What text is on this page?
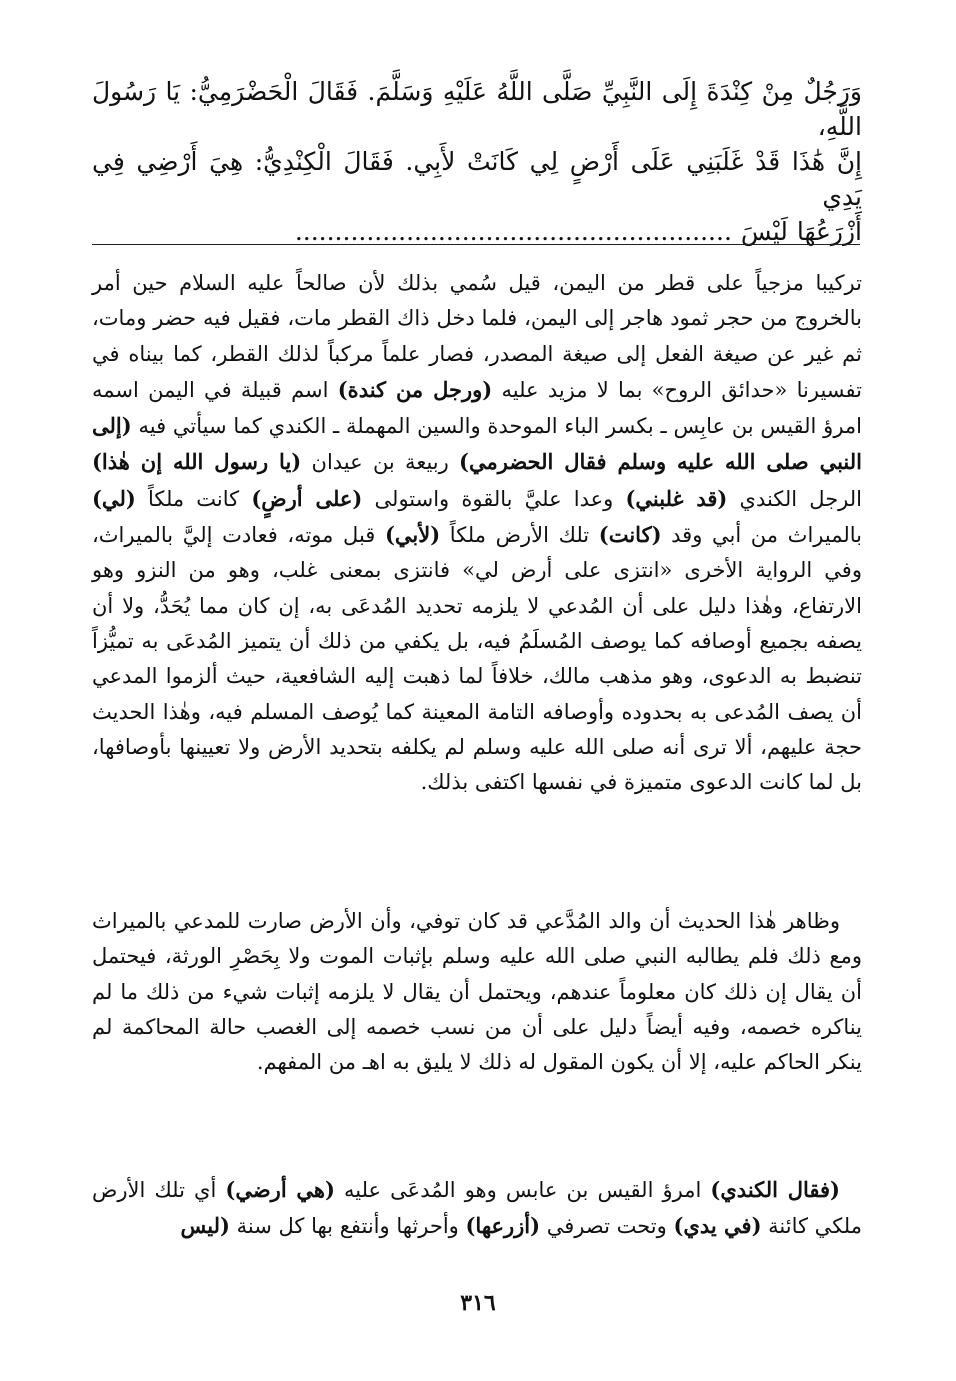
وَرَجُلٌ مِنْ كِنْدَةَ إِلَى النَّبِيِّ صَلَّى اللَّهُ عَلَيْهِ وَسَلَّمَ. فَقَالَ الْحَضْرَمِيُّ: يَا رَسُولَ اللَّهِ،
إِنَّ هَٰذَا قَدْ غَلَبَنِي عَلَى أَرْضٍ لِي كَانَتْ لأَبِي. فَقَالَ الْكِنْدِيُّ: هِيَ أَرْضِي فِي يَدِي
أَزْرَعُهَا لَيْسَ .......................................................

تركيبا مزجياً على قطر من اليمن، قيل سُمي بذلك لأن صالحاً عليه السلام حين أمر بالخروج من حجر ثمود هاجر إلى اليمن، فلما دخل ذاك القطر مات، فقيل فيه حضر ومات، ثم غير عن صيغة الفعل إلى صيغة المصدر، فصار علماً مركباً لذلك القطر، كما بيناه في تفسيرنا «حدائق الروح» بما لا مزيد عليه (ورجل من كندة) اسم قبيلة في اليمن اسمه امرؤ القيس بن عابِس ـ بكسر الباء الموحدة والسين المهملة ـ الكندي كما سيأتي فيه (إلى النبي صلى الله عليه وسلم فقال الحضرمي) ربيعة بن عيدان (يا رسول الله إن هٰذا) الرجل الكندي (قد غلبني) وعدا عليَّ بالقوة واستولى (على أرضٍ) كانت ملكاً (لي) بالميراث من أبي وقد (كانت) تلك الأرض ملكاً (لأبي) قبل موته، فعادت إليَّ بالميراث، وفي الرواية الأخرى «انتزى على أرض لي» فانتزى بمعنى غلب، وهو من النزو وهو الارتفاع، وهٰذا دليل على أن المُدعي لا يلزمه تحديد المُدعَى به، إن كان مما يُحَدُّ، ولا أن يصفه بجميع أوصافه كما يوصف المُسلَمُ فيه، بل يكفي من ذلك أن يتميز المُدعَى به تميُّزاً تنضبط به الدعوى، وهو مذهب مالك، خلافاً لما ذهبت إليه الشافعية، حيث ألزموا المدعي أن يصف المُدعى به بحدوده وأوصافه التامة المعينة كما يُوصف المسلم فيه، وهٰذا الحديث حجة عليهم، ألا ترى أنه صلى الله عليه وسلم لم يكلفه بتحديد الأرض ولا تعيينها بأوصافها، بل لما كانت الدعوى متميزة في نفسها اكتفى بذلك.

وظاهر هٰذا الحديث أن والد المُدَّعي قد كان توفي، وأن الأرض صارت للمدعي بالميراث ومع ذلك فلم يطالبه النبي صلى الله عليه وسلم بإثبات الموت ولا بِحَصْرِ الورثة، فيحتمل أن يقال إن ذلك كان معلوماً عندهم، ويحتمل أن يقال لا يلزمه إثبات شيء من ذلك ما لم يناكره خصمه، وفيه أيضاً دليل على أن من نسب خصمه إلى الغصب حالة المحاكمة لم ينكر الحاكم عليه، إلا أن يكون المقول له ذلك لا يليق به اهـ من المفهم.

(فقال الكندي) امرؤ القيس بن عابس وهو المُدعَى عليه (هي أرضي) أي تلك الأرض ملكي كائنة (في يدي) وتحت تصرفي (أزرعها) وأحرثها وأنتفع بها كل سنة (ليس

٣١٦
